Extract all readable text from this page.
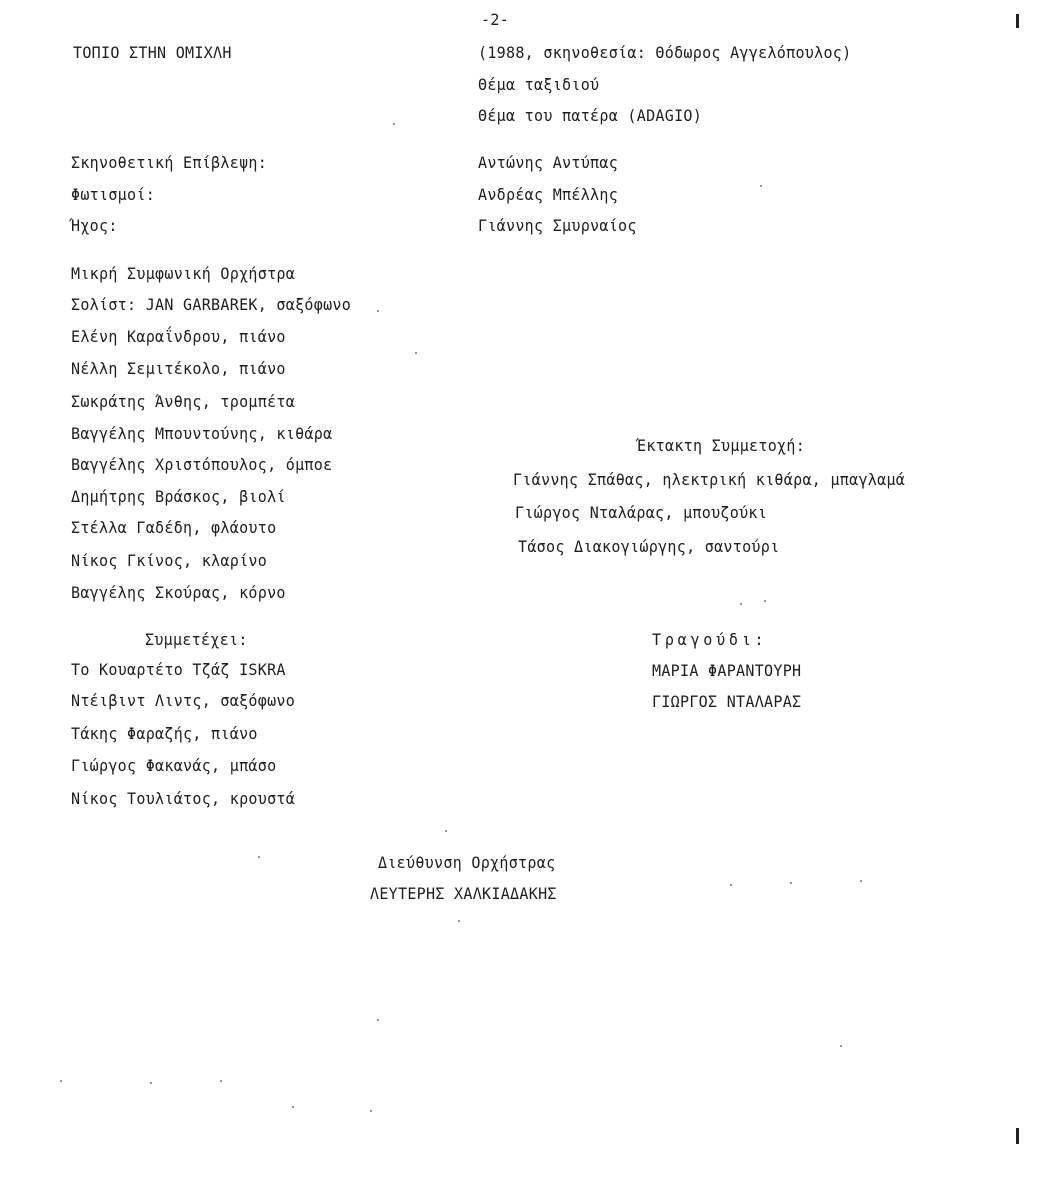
-2-
ΤΟΠΙΟ ΣΤΗΝ ΟΜΙΧΛΗ	(1988, σκηνοθεσία: Θόδωρος Αγγελόπουλος)
Θέμα ταξιδιού
Θέμα του πατέρα (ADAGIO)
Σκηνοθετική Επίβλεψη:	Αντώνης Αντύπας
Φωτισμοί:	Ανδρέας Μπέλλης
Ήχος:	Γιάννης Σμυρναίος
Μικρή Συμφωνική Ορχήστρα
Σολίστ: JAN GARBAREK, σαξόφωνο
Ελένη Καραΐνδρου, πιάνο
Νέλλη Σεμιτέκολο, πιάνο
Σωκράτης Άνθης, τρομπέτα
Βαγγέλης Μπουντούνης, κιθάρα
Βαγγέλης Χριστόπουλος, όμποε
Δημήτρης Βράσκος, βιολί
Στέλλα Γαδέδη, φλάουτο
Νίκος Γκίνος, κλαρίνο
Βαγγέλης Σκούρας, κόρνο
Έκτακτη Συμμετοχή:
Γιάννης Σπάθας, ηλεκτρική κιθάρα, μπαγλαμά
Γιώργος Νταλάρας, μπουζούκι
Τάσος Διακογιώργης, σαντούρι
Συμμετέχει:
Το Κουαρτέτο Τζάζ ISKRA
Ντέιβιντ Λιντς, σαξόφωνο
Τάκης Φαραζής, πιάνο
Γιώργος Φακανάς, μπάσο
Νίκος Τουλιάτος, κρουστά
Τραγούδι:
ΜΑΡΙΑ ΦΑΡΑΝΤΟΥΡΗ
ΓΙΩΡΓΟΣ ΝΤΑΛΑΡΑΣ
Διεύθυνση Ορχήστρας
ΛΕΥΤΕΡΗΣ ΧΑΛΚΙΑΔΑΚΗΣ
